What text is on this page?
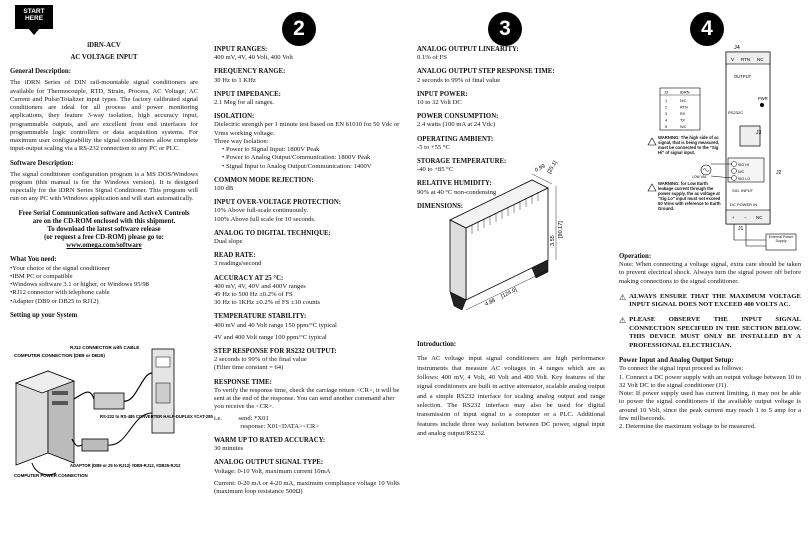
START HERE	2	3	4
iDRN-ACV
AC VOLTAGE INPUT
General Description:
The iDRN Series of DIN rail-mountable signal conditioners are available for Thermocouple, RTD, Strain, Process, AC Voltage, AC Current and Pulse/Totalizer input types. The factory calibrated signal conditioners are ideal for all process and power monitoring applications, they feature 3-way isolation, high accuracy input, programmable outputs, and are excellent front end interfaces for programmable logic controllers or data acquisition systems. For maximum user configurability the signal conditioners allow complete input-output scaling via a RS-232 connection to any PC or PLC.
Software Description:
The signal conditioner configuration program is a MS DOS/Windows program (this manual is for the Windows version). It is designed especially for the iDRN Series Signal Conditioner. This program will run on any PC with Windows application and will start automatically.
Free Serial Communication software and ActiveX Controls
are on the CD-ROM enclosed with this shipment.
To download the latest software release
(or request a free CD-ROM) please go to:
www.omega.com/software
What You need:
•Your choice of the signal conditioner
•IBM PC or compatible
•Windows software 3.1 or higher, or Windows 95/98
•RJ12 connector with telephone cable
•Adapter (DB9 or DB25 to RJ12)
Setting up your System
COMPUTER CONNECTION (DB9 or DB25)
RJ12 CONNECTOR with CABLE
RS-232 to RS-485 CONVERTER HALF-DUPLEX #CAT-285
COMPUTER POWER CONNECTION
ADAPTOR (DB9 or 25 to RJ12) #DB9-RJ12, #DB25-RJ12
INPUT RANGES:
400 mV, 4V, 40 Volt, 400 Volt
FREQUENCY RANGE:
30 Hz to 1 KHz
INPUT IMPEDANCE:
2.1 Meg for all ranges.
ISOLATION:
Dielectric strength per 1 minute test based on EN 61010 for 50 Vdc or Vrms working voltage.
Three way Isolation:
• Power to Signal Input: 1800V Peak
• Power to Analog Output/Communication: 1800V Peak
• Signal Input to Analog Output/Communication: 1400V
COMMON MODE REJECTION:
100 dB
INPUT OVER-VOLTAGE PROTECTION:
10% Above full-scale continuously.
100% Above full scale for 10 seconds.
ANALOG TO DIGITAL TECHNIQUE:
Dual slope
READ RATE:
3 readings/second
ACCURACY AT 25 °C:
400 mV, 4V, 40V and 400V ranges
49 Hz to 500 Hz ±0.2% of FS
30 Hz to 1KHz ±0.2% of FS ±10 counts
TEMPERATURE STABILITY:
400 mV and 40 Volt range 150 ppm/°C typical
4V and 400 Volt range 100 ppm/°C typical
STEP RESPONSE FOR RS232 OUTPUT:
2 seconds to 99% of the final value
(Filter time constant = 64)
RESPONSE TIME:
To verify the response time, check the carriage return <CR>, it will be sent at the end of the response. You can send another command after you receive the <CR>.
i.e.          send: *X01
response: X01<DATA><CR>
WARM UP TO RATED ACCURACY:
30 minutes
ANALOG OUTPUT SIGNAL TYPE:
Voltage: 0-10 Volt, maximum current 10mA
Current: 0-20 mA or 4-20 mA, maximum compliance voltage 10 Volts (maximum loop resistance 500Ω)
ANALOG OUTPUT LINEARITY:
0.1% of FS
ANALOG OUTPUT STEP RESPONSE TIME:
2 seconds to 99% of final value
INPUT POWER:
10 to 32 Volt DC
POWER CONSUMPTION:
2.4 watts (100 mA at 24 Vdc)
OPERATING AMBIENT:
-5 to +55 °C
STORAGE TEMPERATURE:
-40 to +85 °C
RELATIVE HUMIDITY:
90% at 40 °C non-condensing
DIMENSIONS:
0.99 [25.1]
3.55
[90.17]
4.88
[124.0]
Introduction:
The AC voltage input signal conditioners are high performance instruments that measure AC voltages in 4 ranges which are as follows: 400 mV, 4 Volt, 40 Volt and 400 Volt. Key features of the signal conditioners are built in active attenuator, scalable analog output and a simple RS232 interface for scaling analog output and range selection. The RS232 interface may also be used for digital transmission of input signal to a computer or a PLC. Additional features include three way isolation between DC power, signal input and analog output/RS232.
J4
V RTN NC
OUTPUT
PWR
RS232C
J3
SIG HI
N/C
SIG LO
J2
SIG. INPUT
DC POWER IN
+ − NC
J1
J3	iDRN
1	N/C
2	RTN
3	RX
4	TX
5	N/C
WARNING: The high side of ac signal, that is being measured, must be connected to the "Sig Hi" of signal input.
WARNING: for Low Earth leakage current through the power supply, the ac voltage at "Sig Lo" input must not exceed 50 Vrms with reference to Earth Ground.
LOW VAL
External Power Supply
Operation:
Note: When connecting a voltage signal, extra care should be taken to prevent electrical shock. Always turn the signal power off before making connections to the signal conditioner.
⚠ ALWAYS ENSURE THAT THE MAXIMUM VOLTAGE INPUT SIGNAL DOES NOT EXCEED 400 VOLTS AC.

⚠ PLEASE OBSERVE THE INPUT SIGNAL CONNECTION SPECIFIED IN THE SECTION BELOW. THIS DEVICE MUST ONLY BE INSTALLED BY A PROFESSIONAL ELECTRICIAN.

Power Input and Analog Output Setup:
To connect the signal input proceed as follows:
1. Connect a DC power supply with an output voltage between 10 to 32 Volt DC to the signal conditioner (J1).
Note: If power supply used has current limiting, it may not be able to power the signal conditioners if the available output voltage is around 10 Volt, since the peak current may reach 1 to 5 amp for a few milliseconds.
2. Determine the maximum voltage to be measured.
